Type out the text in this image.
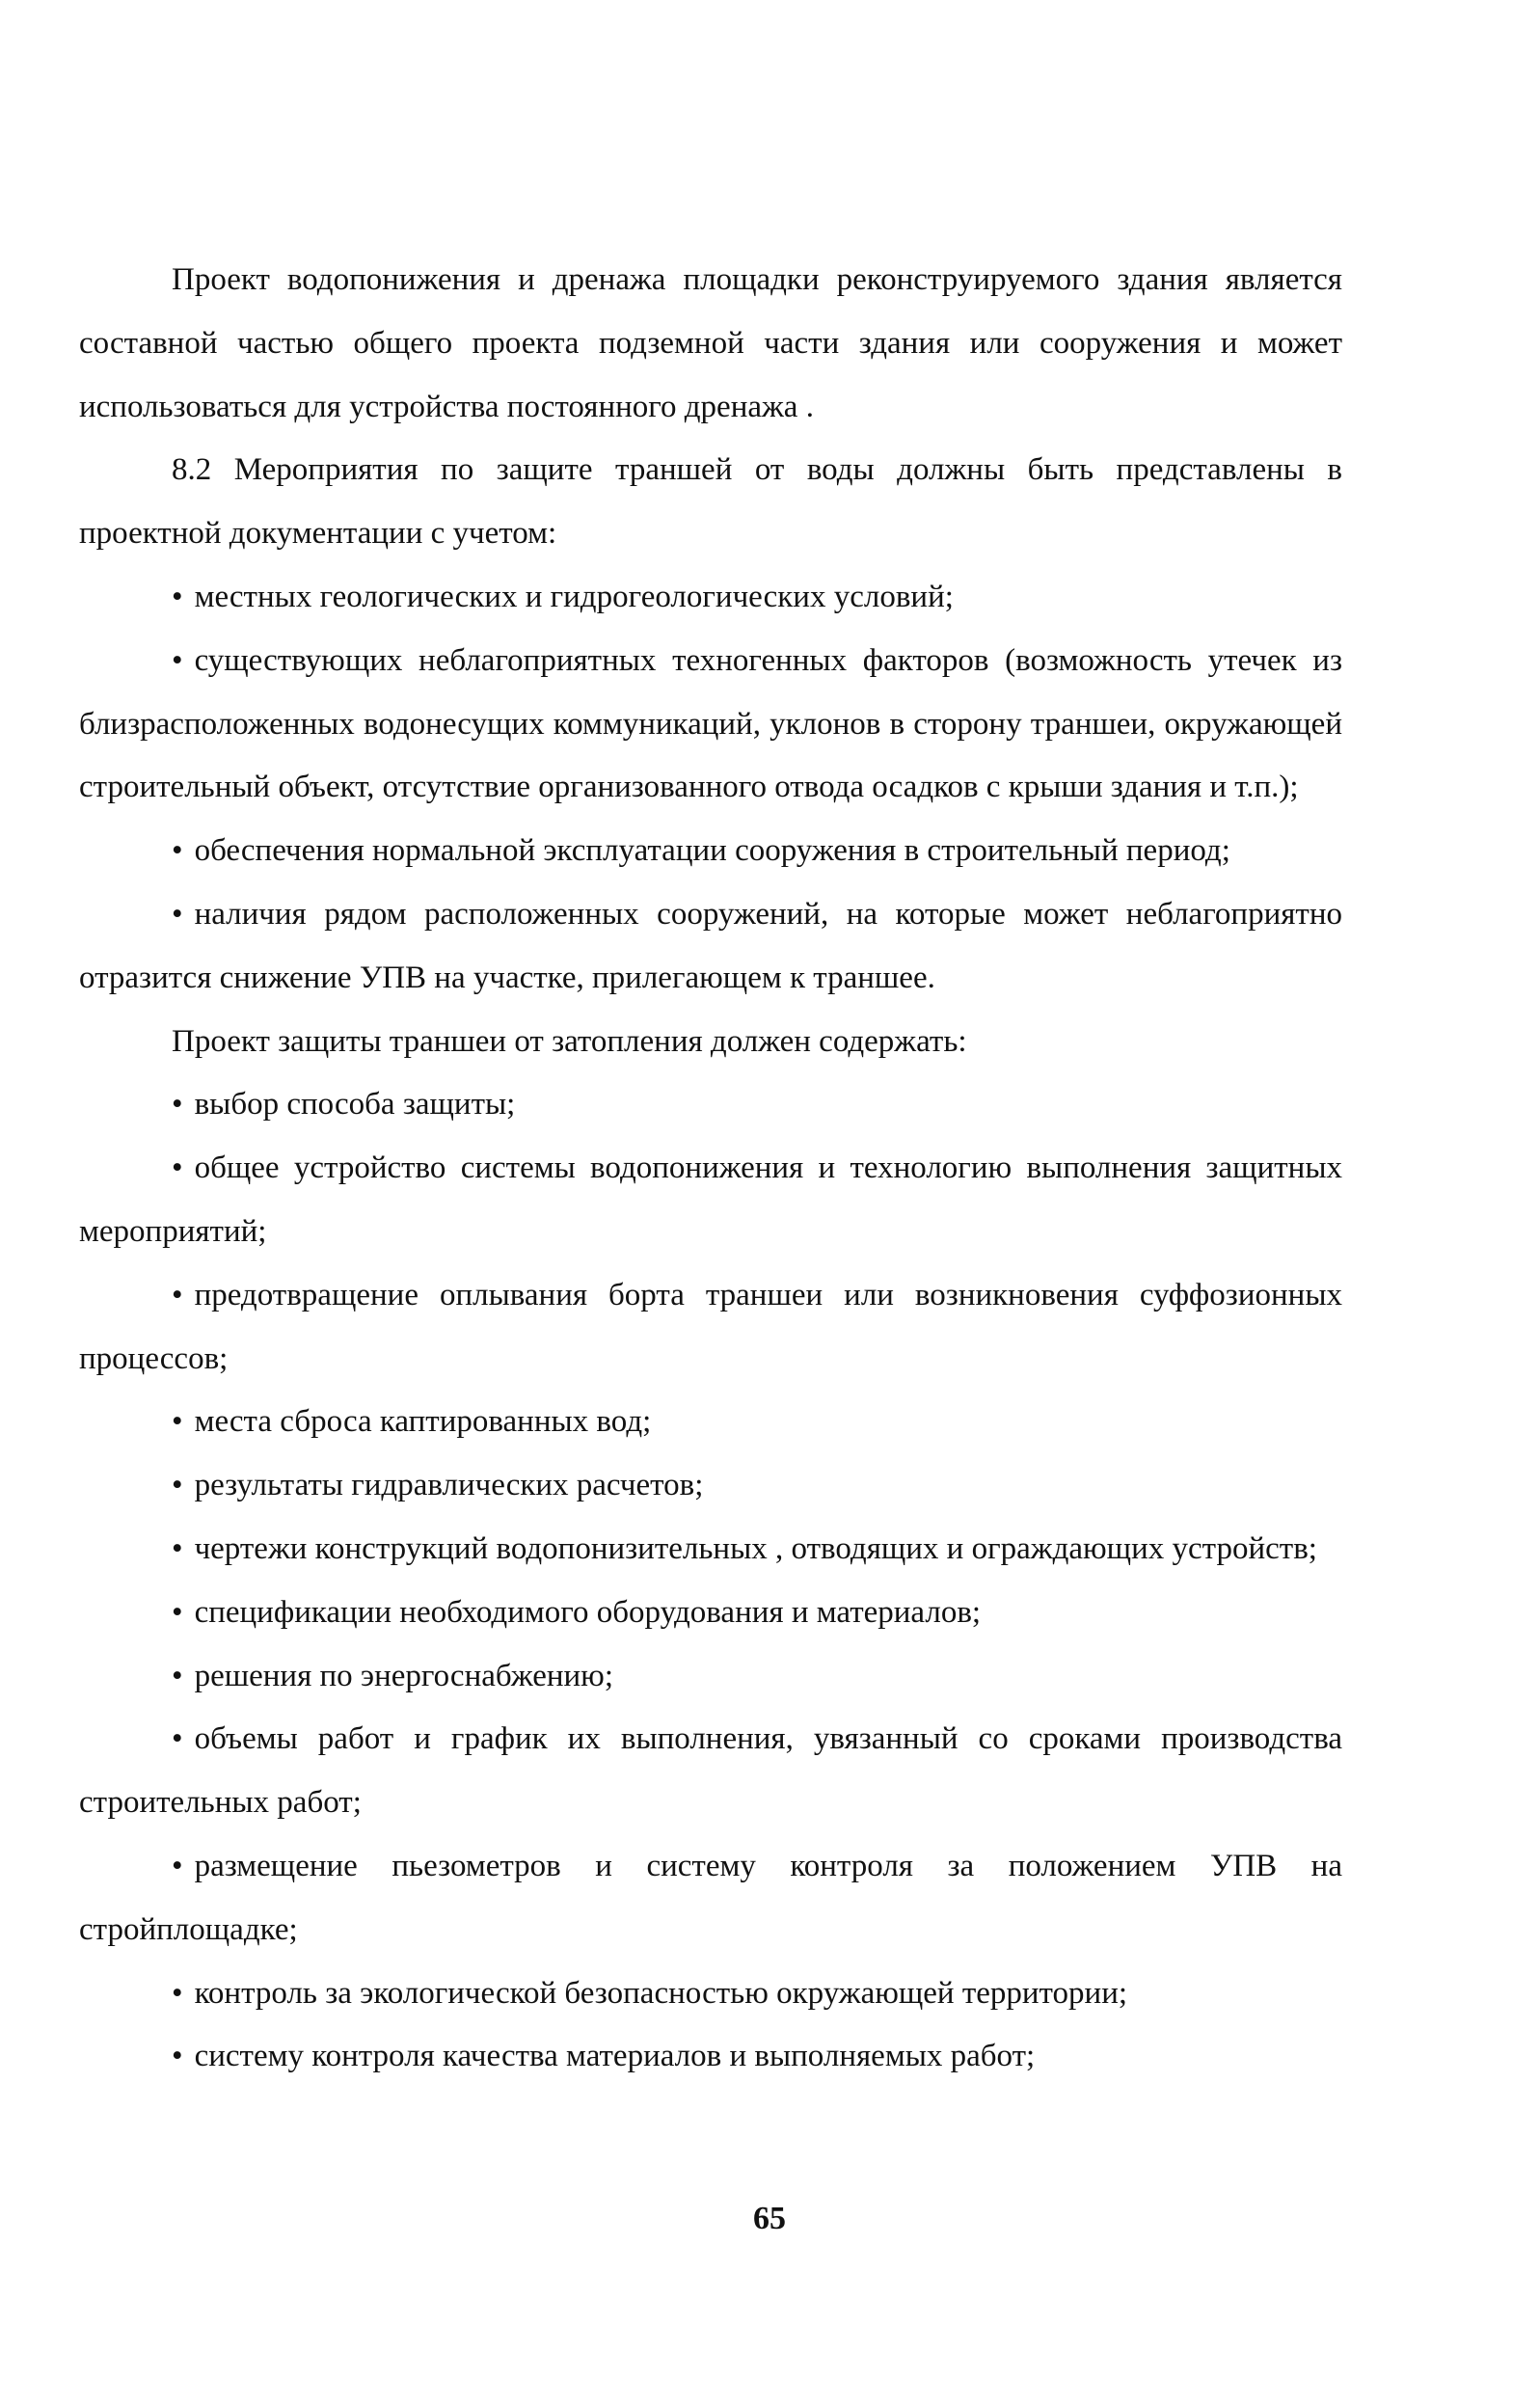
Проект водопонижения и дренажа площадки реконструируемого здания является составной частью общего проекта подземной части здания или сооружения и может использоваться для устройства постоянного дренажа .

8.2 Мероприятия по защите траншей от воды должны быть представлены в проектной документации с учетом:

• местных геологических и гидрогеологических условий;

• существующих неблагоприятных техногенных факторов (возможность утечек из близрасположенных водонесущих коммуникаций, уклонов в сторону траншеи, окружающей строительный объект, отсутствие организованного отвода осадков с крыши здания и т.п.);

• обеспечения нормальной эксплуатации сооружения в строительный период;

• наличия рядом расположенных сооружений, на которые может неблагоприятно отразится снижение УПВ на участке, прилегающем к траншее.

Проект защиты траншеи от затопления должен содержать:

• выбор способа защиты;

• общее устройство системы водопонижения и технологию выполнения защитных мероприятий;

• предотвращение оплывания борта траншеи или возникновения суффозионных процессов;

• места сброса каптированных вод;

• результаты гидравлических расчетов;

• чертежи конструкций водопонизительных , отводящих и ограждающих устройств;

• спецификации необходимого оборудования и материалов;

• решения по энергоснабжению;

• объемы работ и график их выполнения, увязанный со сроками производства строительных работ;

• размещение пьезометров и систему контроля за положением УПВ на стройплощадке;

• контроль за экологической безопасностью окружающей территории;

• систему контроля качества материалов и выполняемых работ;

65
